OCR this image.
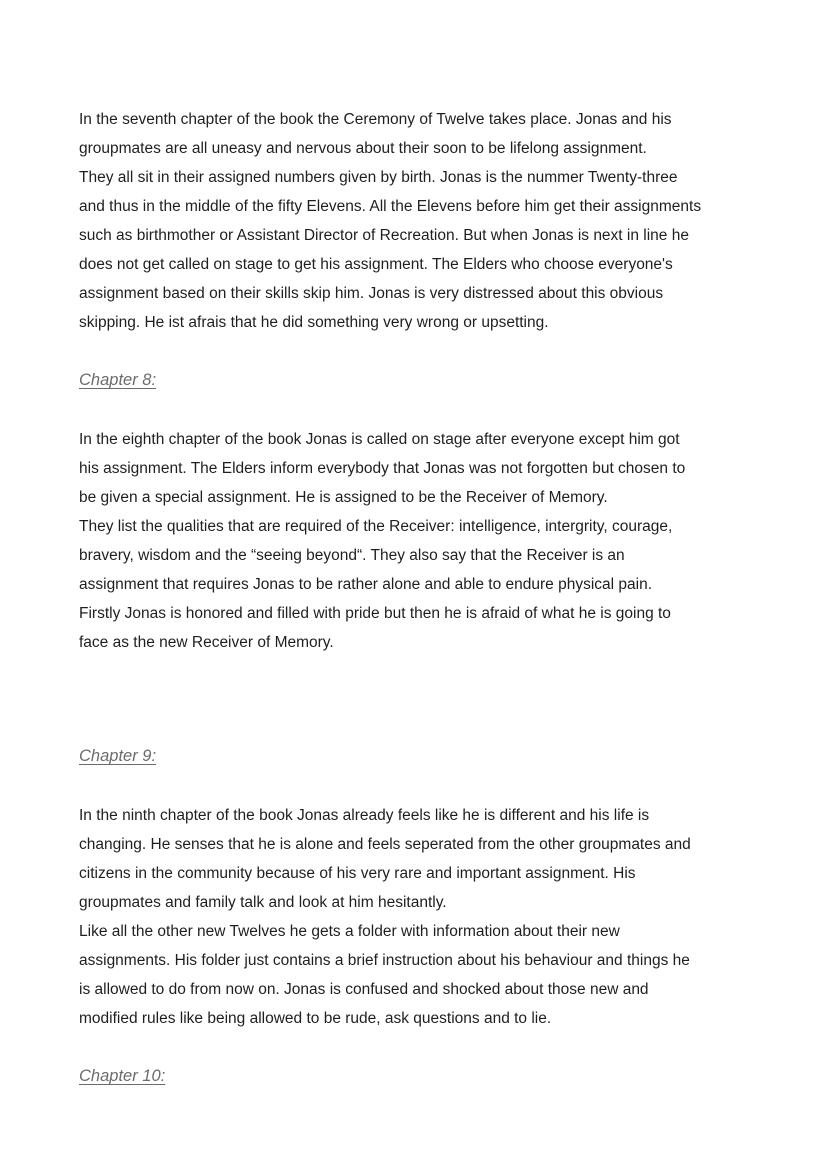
In the seventh chapter of the book the Ceremony of Twelve takes place. Jonas and his
groupmates are all uneasy and nervous about their soon to be lifelong assignment.
They all sit in their assigned numbers given by birth. Jonas is the nummer Twenty-three
and thus in the middle of the fifty Elevens. All the Elevens before him get their assignments
such as birthmother or Assistant Director of Recreation. But when Jonas is next in line he
does not get called on stage to get his assignment. The Elders who choose everyone's
assignment based on their skills skip him. Jonas is very distressed about this obvious
skipping. He ist afrais that he did something very wrong or upsetting.

Chapter 8:

In the eighth chapter of the book Jonas is called on stage after everyone except him got
his assignment. The Elders inform everybody that Jonas was not forgotten but chosen to
be given a special assignment. He is assigned to be the Receiver of Memory.
They list the qualities that are required of the Receiver: intelligence, intergrity, courage,
bravery, wisdom and the “seeing beyond“. They also say that the Receiver is an
assignment that requires Jonas to be rather alone and able to endure physical pain.
Firstly Jonas is honored and filled with pride but then he is afraid of what he is going to
face as the new Receiver of Memory.

Chapter 9:

In the ninth chapter of the book Jonas already feels like he is different and his life is
changing. He senses that he is alone and feels seperated from the other groupmates and
citizens in the community because of his very rare and important assignment. His
groupmates and family talk and look at him hesitantly.
Like all the other new Twelves he gets a folder with information about their new
assignments. His folder just contains a brief instruction about his behaviour and things he
is allowed to do from now on. Jonas is confused and shocked about those new and
modified rules like being allowed to be rude, ask questions and to lie.

Chapter 10:
